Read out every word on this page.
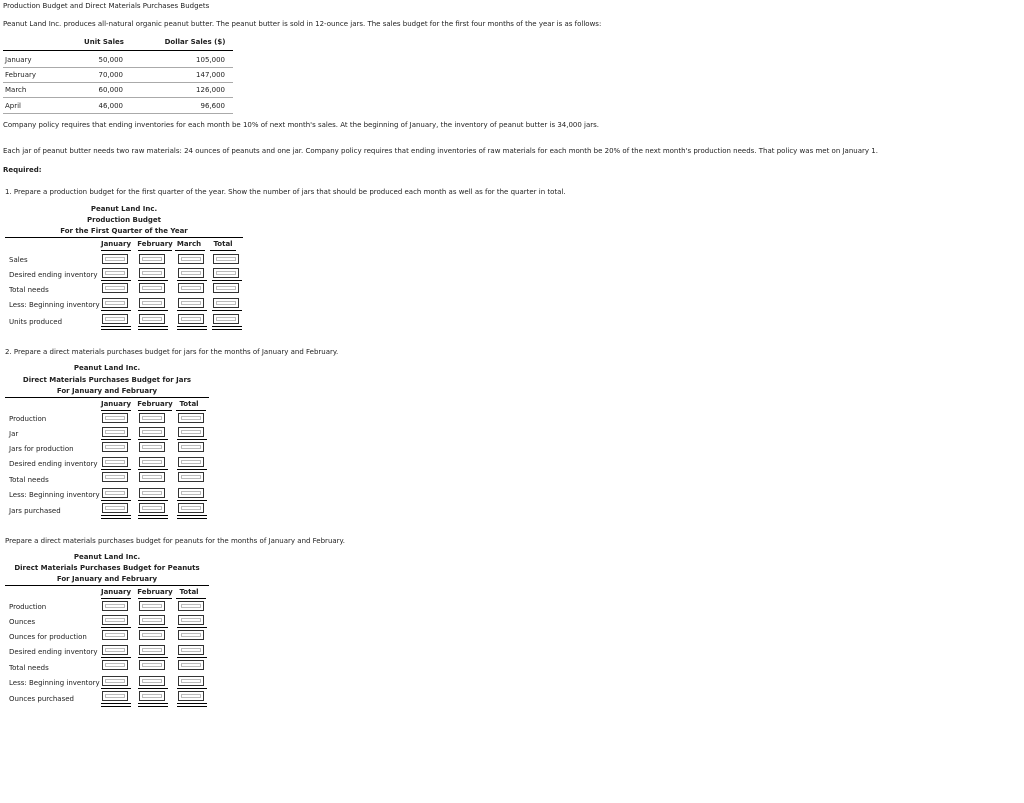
Production Budget and Direct Materials Purchases Budgets
Peanut Land Inc. produces all-natural organic peanut butter. The peanut butter is sold in 12-ounce jars. The sales budget for the first four months of the year is as follows:
Unit Sales	Dollar Sales ($)
January	50,000	105,000
February	70,000	147,000
March	60,000	126,000
April	46,000	96,600
Company policy requires that ending inventories for each month be 10% of next month's sales. At the beginning of January, the inventory of peanut butter is 34,000 jars.
Each jar of peanut butter needs two raw materials: 24 ounces of peanuts and one jar. Company policy requires that ending inventories of raw materials for each month be 20% of the next month's production needs. That policy was met on January 1.
Required:
1. Prepare a production budget for the first quarter of the year. Show the number of jars that should be produced each month as well as for the quarter in total.
Peanut Land Inc.
Production Budget
For the First Quarter of the Year
January February March	Total
Sales
Desired ending inventory
Total needs
Less: Beginning inventory
Units produced
2. Prepare a direct materials purchases budget for jars for the months of January and February.
Peanut Land Inc.
Direct Materials Purchases Budget for Jars
For January and February
January February Total
Production
Jar
Jars for production
Desired ending inventory
Total needs
Less: Beginning inventory
Jars purchased
Prepare a direct materials purchases budget for peanuts for the months of January and February.
Peanut Land Inc.
Direct Materials Purchases Budget for Peanuts
For January and February
January February Total
Production
Ounces
Ounces for production
Desired ending inventory
Total needs
Less: Beginning inventory
Ounces purchased
